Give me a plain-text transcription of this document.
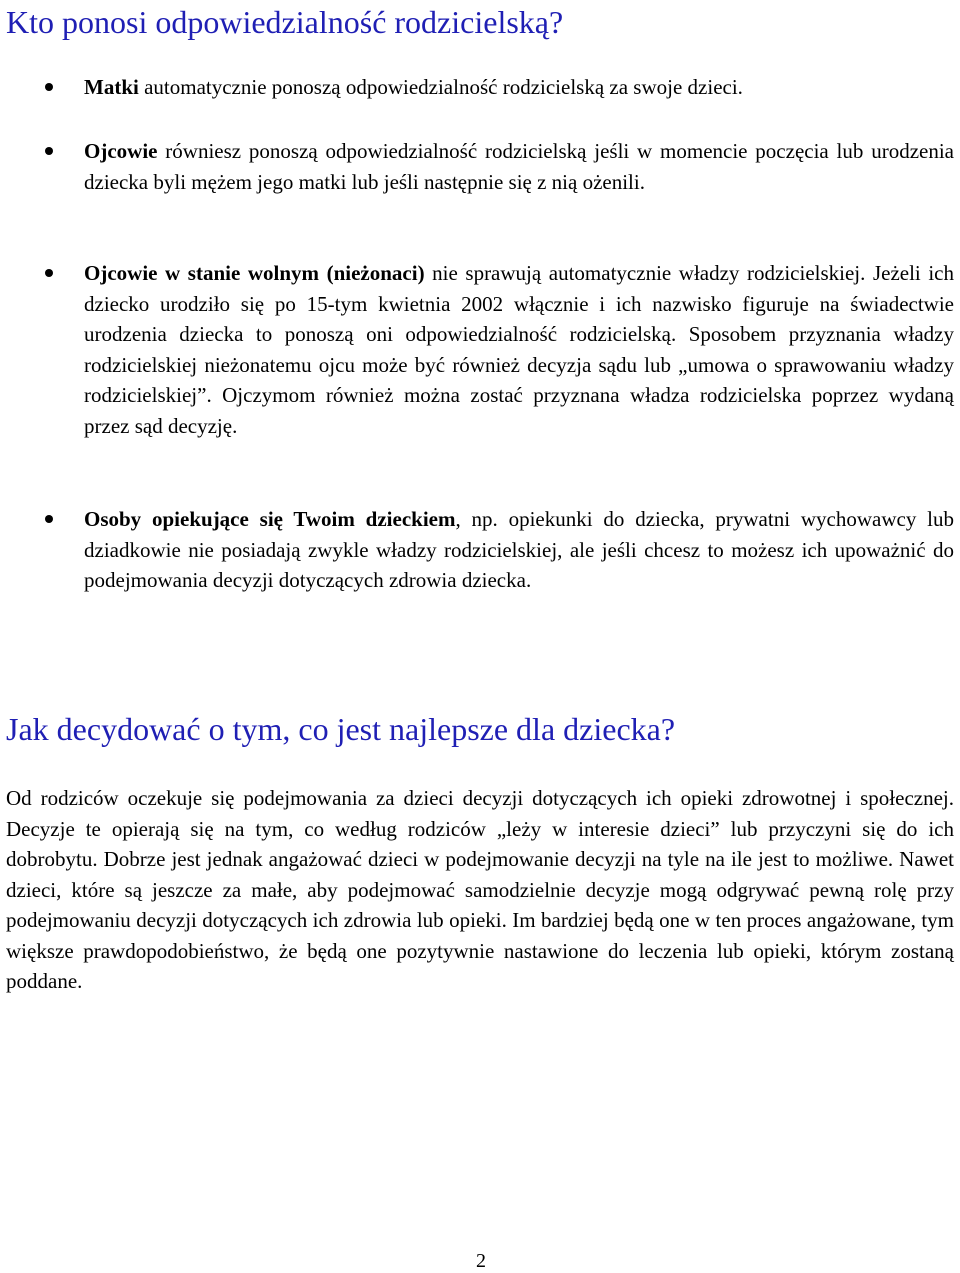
Kto ponosi odpowiedzialność rodzicielską?
Matki automatycznie ponoszą odpowiedzialność rodzicielską za swoje dzieci.
Ojcowie równiesz ponoszą odpowiedzialność rodzicielską jeśli w momencie poczęcia lub urodzenia dziecka byli mężem jego matki lub jeśli następnie się z nią ożenili.
Ojcowie w stanie wolnym (nieżonaci) nie sprawują automatycznie władzy rodzicielskiej. Jeżeli ich dziecko urodziło się po 15-tym kwietnia 2002 włącznie i ich nazwisko figuruje na świadectwie urodzenia dziecka to ponoszą oni odpowiedzialność rodzicielską. Sposobem przyznania władzy rodzicielskiej nieżonatemu ojcu może być również decyzja sądu lub „umowa o sprawowaniu władzy rodzicielskiej”. Ojczymom również można zostać przyznana władza rodzicielska poprzez wydaną przez sąd decyzję.
Osoby opiekujące się Twoim dzieckiem, np. opiekunki do dziecka, prywatni wychowawcy lub dziadkowie nie posiadają zwykle władzy rodzicielskiej, ale jeśli chcesz to możesz ich upoważnić do podejmowania decyzji dotyczących zdrowia dziecka.
Jak decydować o tym, co jest najlepsze dla dziecka?

Od rodziców oczekuje się podejmowania za dzieci decyzji dotyczących ich opieki zdrowotnej i społecznej. Decyzje te opierają się na tym, co według rodziców „leży w interesie dzieci” lub przyczyni się do ich dobrobytu. Dobrze jest jednak angażować dzieci w podejmowanie decyzji na tyle na ile jest to możliwe. Nawet dzieci, które są jeszcze za małe, aby podejmować samodzielnie decyzje mogą odgrywać pewną rolę przy podejmowaniu decyzji dotyczących ich zdrowia lub opieki. Im bardziej będą one w ten proces angażowane, tym większe prawdopodobieństwo, że będą one pozytywnie nastawione do leczenia lub opieki, którym zostaną poddane.

2
